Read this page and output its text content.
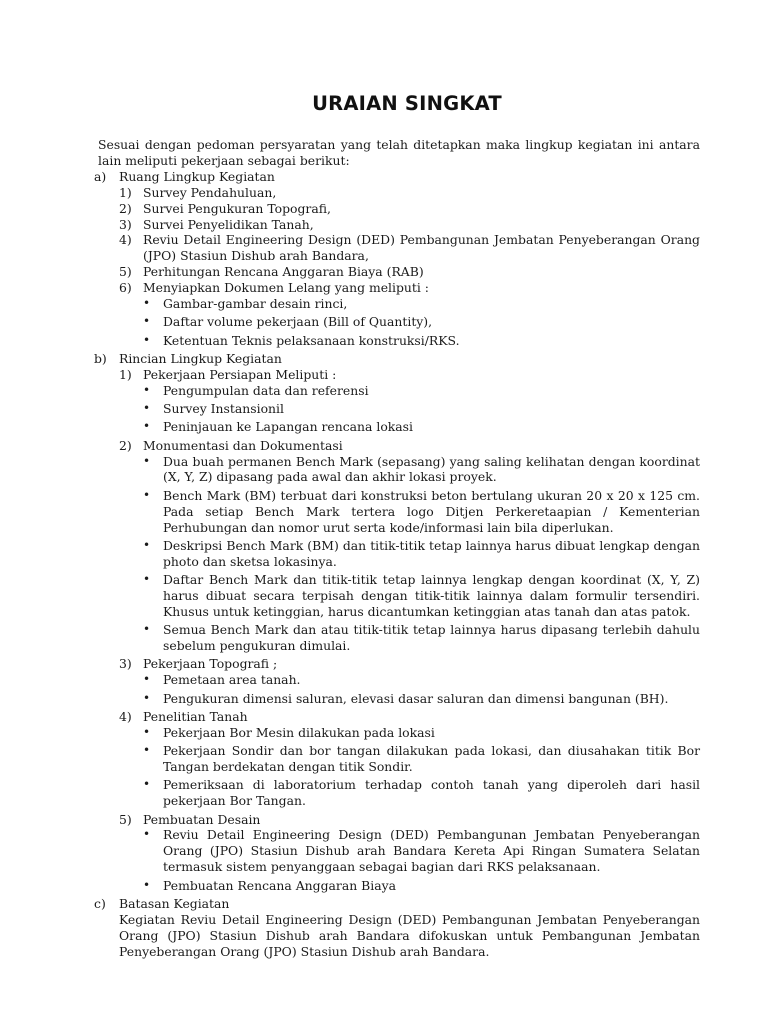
URAIAN SINGKAT

Sesuai dengan pedoman persyaratan yang telah ditetapkan maka lingkup kegiatan ini antara lain meliputi pekerjaan sebagai berikut:

a)	Ruang Lingkup Kegiatan
1) Survey Pendahuluan,
2) Survei Pengukuran Topografi,
3) Survei Penyelidikan Tanah,
4) Reviu Detail Engineering Design (DED) Pembangunan Jembatan Penyeberangan Orang (JPO) Stasiun Dishub arah Bandara,
5) Perhitungan Rencana Anggaran Biaya (RAB)
6) Menyiapkan Dokumen Lelang yang meliputi :
•	Gambar-gambar desain rinci,
•	Daftar volume pekerjaan (Bill of Quantity),
•	Ketentuan Teknis pelaksanaan konstruksi/RKS.
b) Rincian Lingkup Kegiatan
1) Pekerjaan Persiapan Meliputi :
•	Pengumpulan data dan referensi
•	Survey Instansionil
•	Peninjauan ke Lapangan rencana lokasi
2) Monumentasi dan Dokumentasi
•	Dua buah permanen Bench Mark (sepasang) yang saling kelihatan dengan koordinat (X, Y, Z) dipasang pada awal dan akhir lokasi proyek.
•	Bench Mark (BM) terbuat dari konstruksi beton bertulang ukuran 20 x 20 x 125 cm. Pada setiap Bench Mark tertera logo Ditjen Perkeretaapian / Kementerian Perhubungan dan nomor urut serta kode/informasi lain bila diperlukan.
•	Deskripsi Bench Mark (BM) dan titik-titik tetap lainnya harus dibuat lengkap dengan photo dan sketsa lokasinya.
•	Daftar Bench Mark dan titik-titik tetap lainnya lengkap dengan koordinat (X, Y, Z) harus dibuat secara terpisah dengan titik-titik lainnya dalam formulir tersendiri. Khusus untuk ketinggian, harus dicantumkan ketinggian atas tanah dan atas patok.
•	Semua Bench Mark dan atau titik-titik tetap lainnya harus dipasang terlebih dahulu sebelum pengukuran dimulai.
3) Pekerjaan Topografi ;
•	Pemetaan area tanah.
•	Pengukuran dimensi saluran, elevasi dasar saluran dan dimensi bangunan (BH).
4) Penelitian Tanah
•	Pekerjaan Bor Mesin dilakukan pada lokasi
•	Pekerjaan Sondir dan bor tangan dilakukan pada lokasi, dan diusahakan titik Bor Tangan berdekatan dengan titik Sondir.
•	Pemeriksaan di laboratorium terhadap contoh tanah yang diperoleh dari hasil pekerjaan Bor Tangan.
5) Pembuatan Desain
•	Reviu Detail Engineering Design (DED) Pembangunan Jembatan Penyeberangan Orang (JPO) Stasiun Dishub arah Bandara Kereta Api Ringan Sumatera Selatan termasuk sistem penyanggaan sebagai bagian dari RKS pelaksanaan.
•	Pembuatan Rencana Anggaran Biaya
c)	Batasan Kegiatan
Kegiatan Reviu Detail Engineering Design (DED) Pembangunan Jembatan Penyeberangan Orang (JPO) Stasiun Dishub arah Bandara difokuskan untuk Pembangunan Jembatan Penyeberangan Orang (JPO) Stasiun Dishub arah Bandara.
